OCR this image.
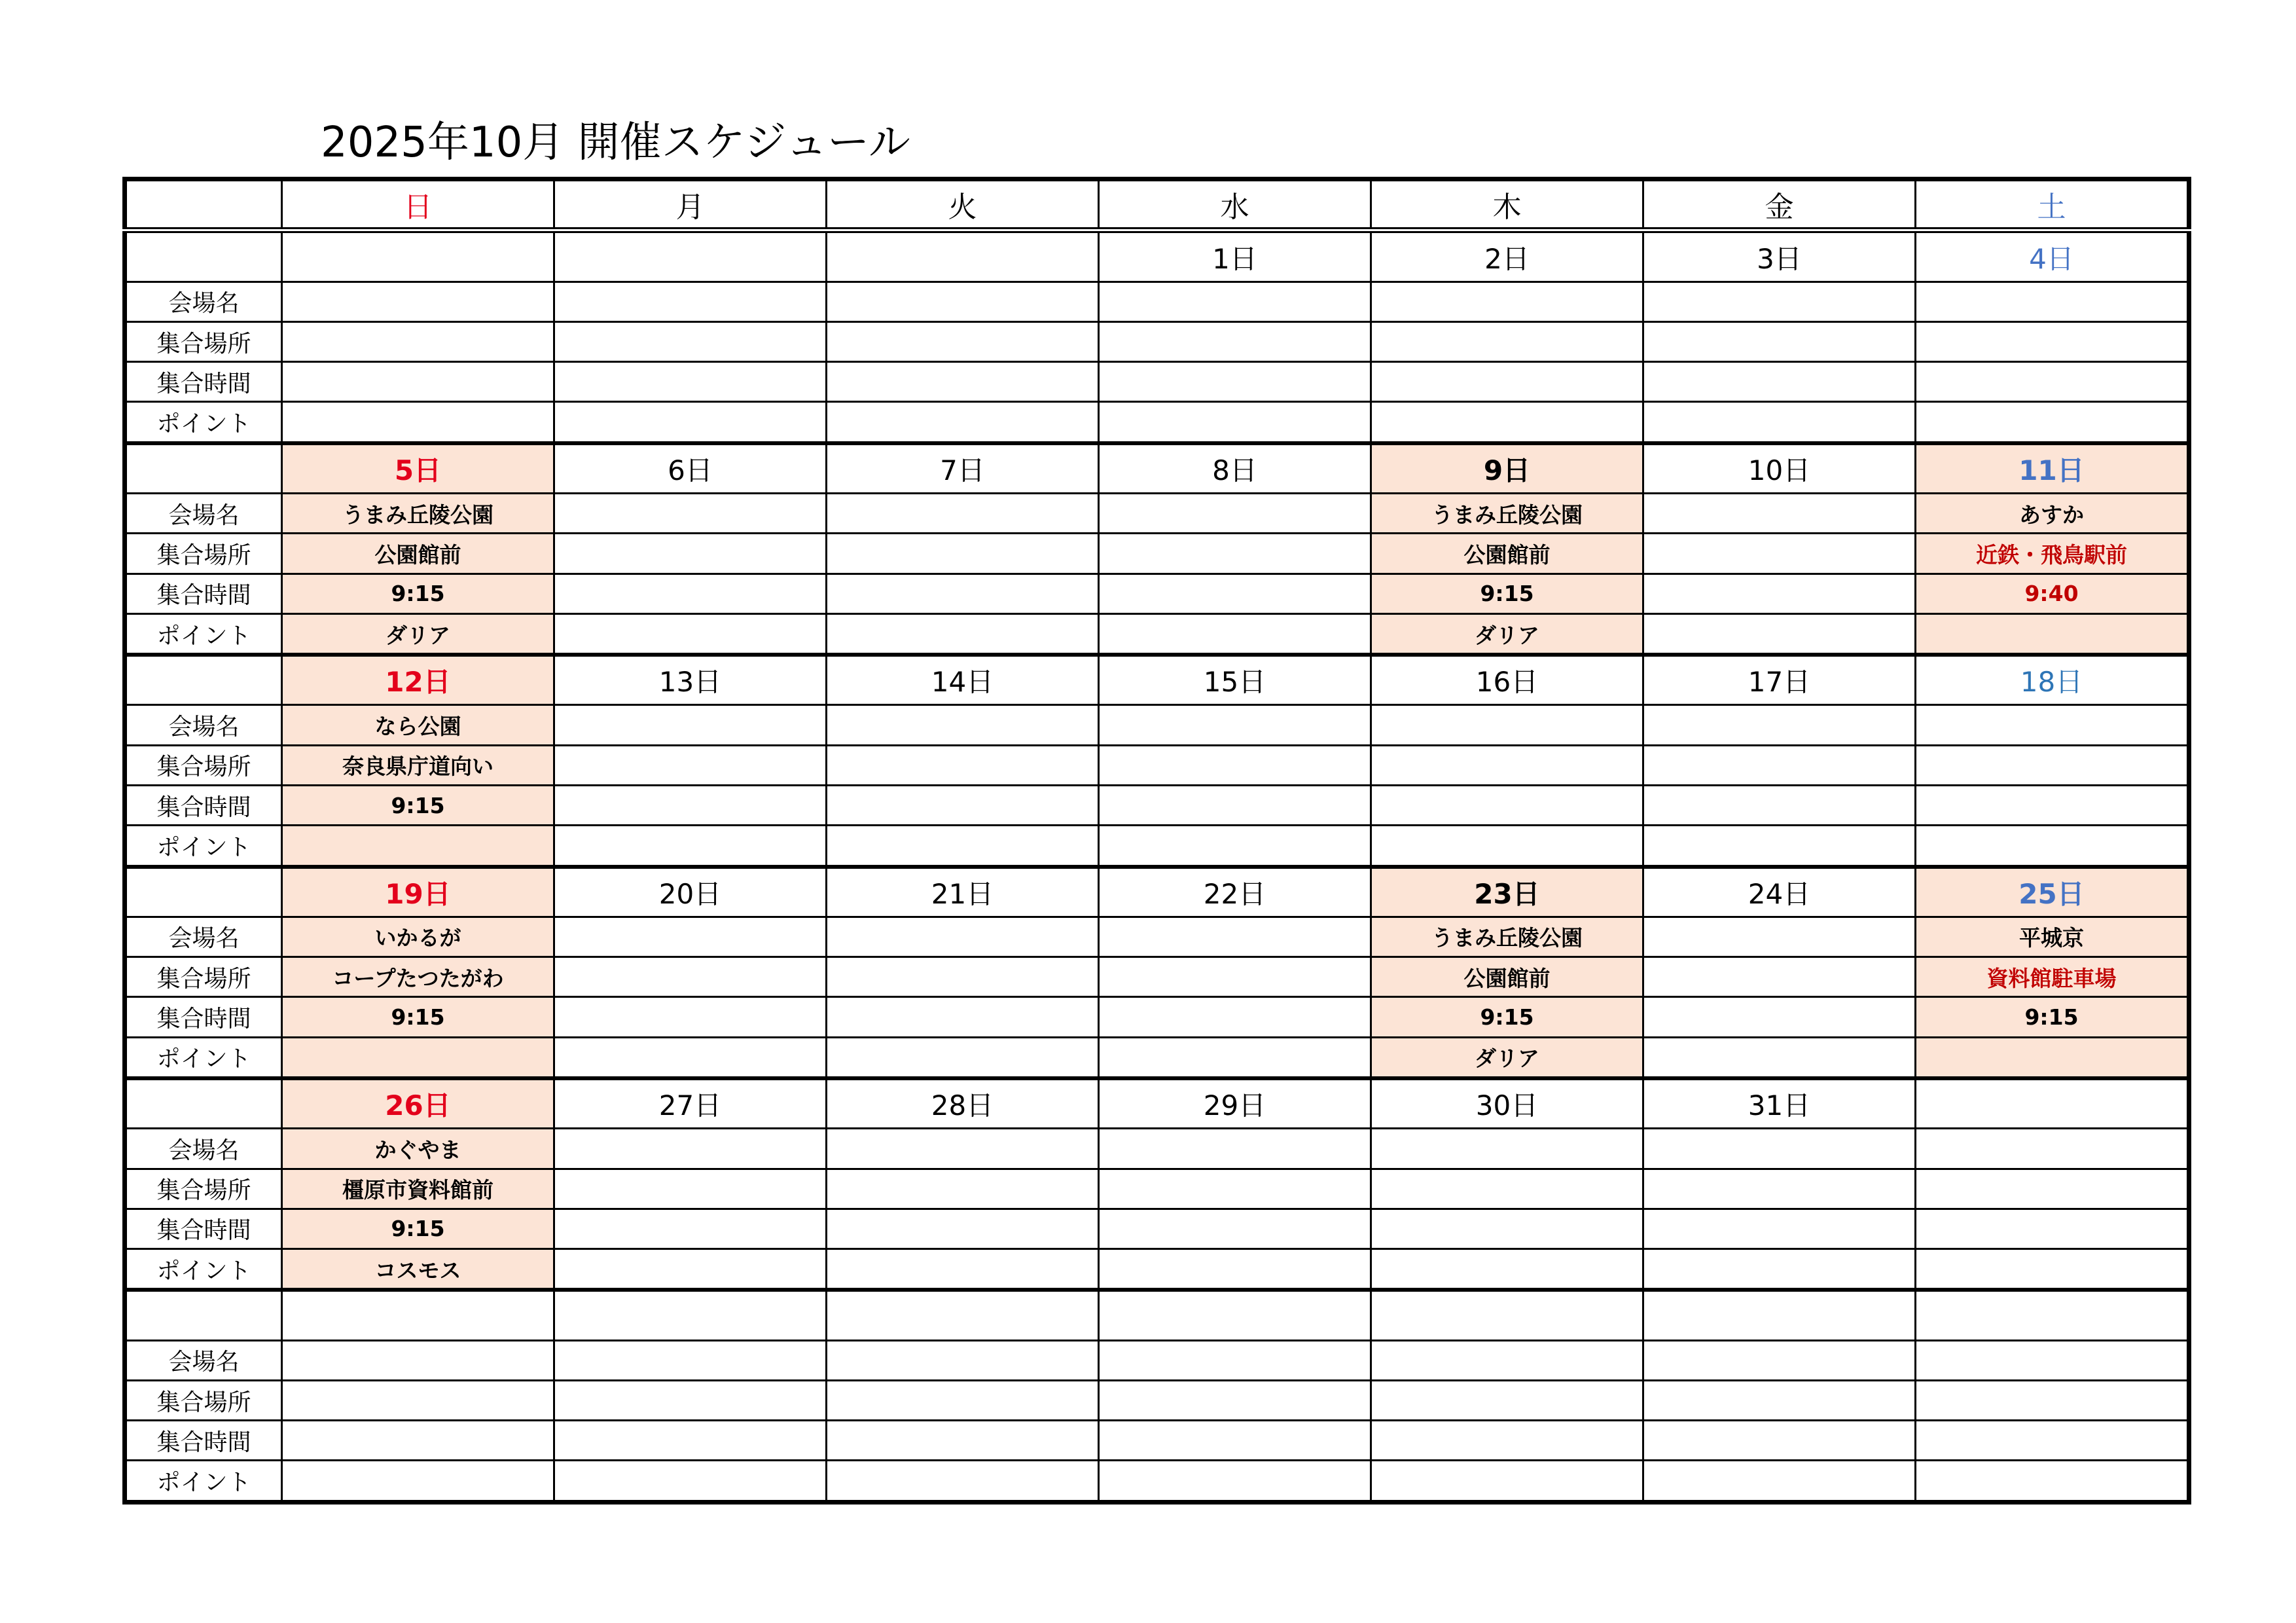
2025年10月 開催スケジュール
	日	月	火	水	木	金	土
				1日	2日	3日	4日
会場名							
集合場所							
集合時間							
ポイント							
	5日	6日	7日	8日	9日	10日	11日
会場名	うまみ丘陵公園				うまみ丘陵公園		あすか
集合場所	公園館前				公園館前		近鉄・飛鳥駅前
集合時間	9:15				9:15		9:40
ポイント	ダリア				ダリア		
	12日	13日	14日	15日	16日	17日	18日
会場名	なら公園						
集合場所	奈良県庁道向い						
集合時間	9:15						
ポイント							
	19日	20日	21日	22日	23日	24日	25日
会場名	いかるが				うまみ丘陵公園		平城京
集合場所	コープたつたがわ				公園館前		資料館駐車場
集合時間	9:15				9:15		9:15
ポイント					ダリア		
	26日	27日	28日	29日	30日	31日	
会場名	かぐやま						
集合場所	橿原市資料館前						
集合時間	9:15						
ポイント	コスモス						

会場名							
集合場所							
集合時間							
ポイント							
